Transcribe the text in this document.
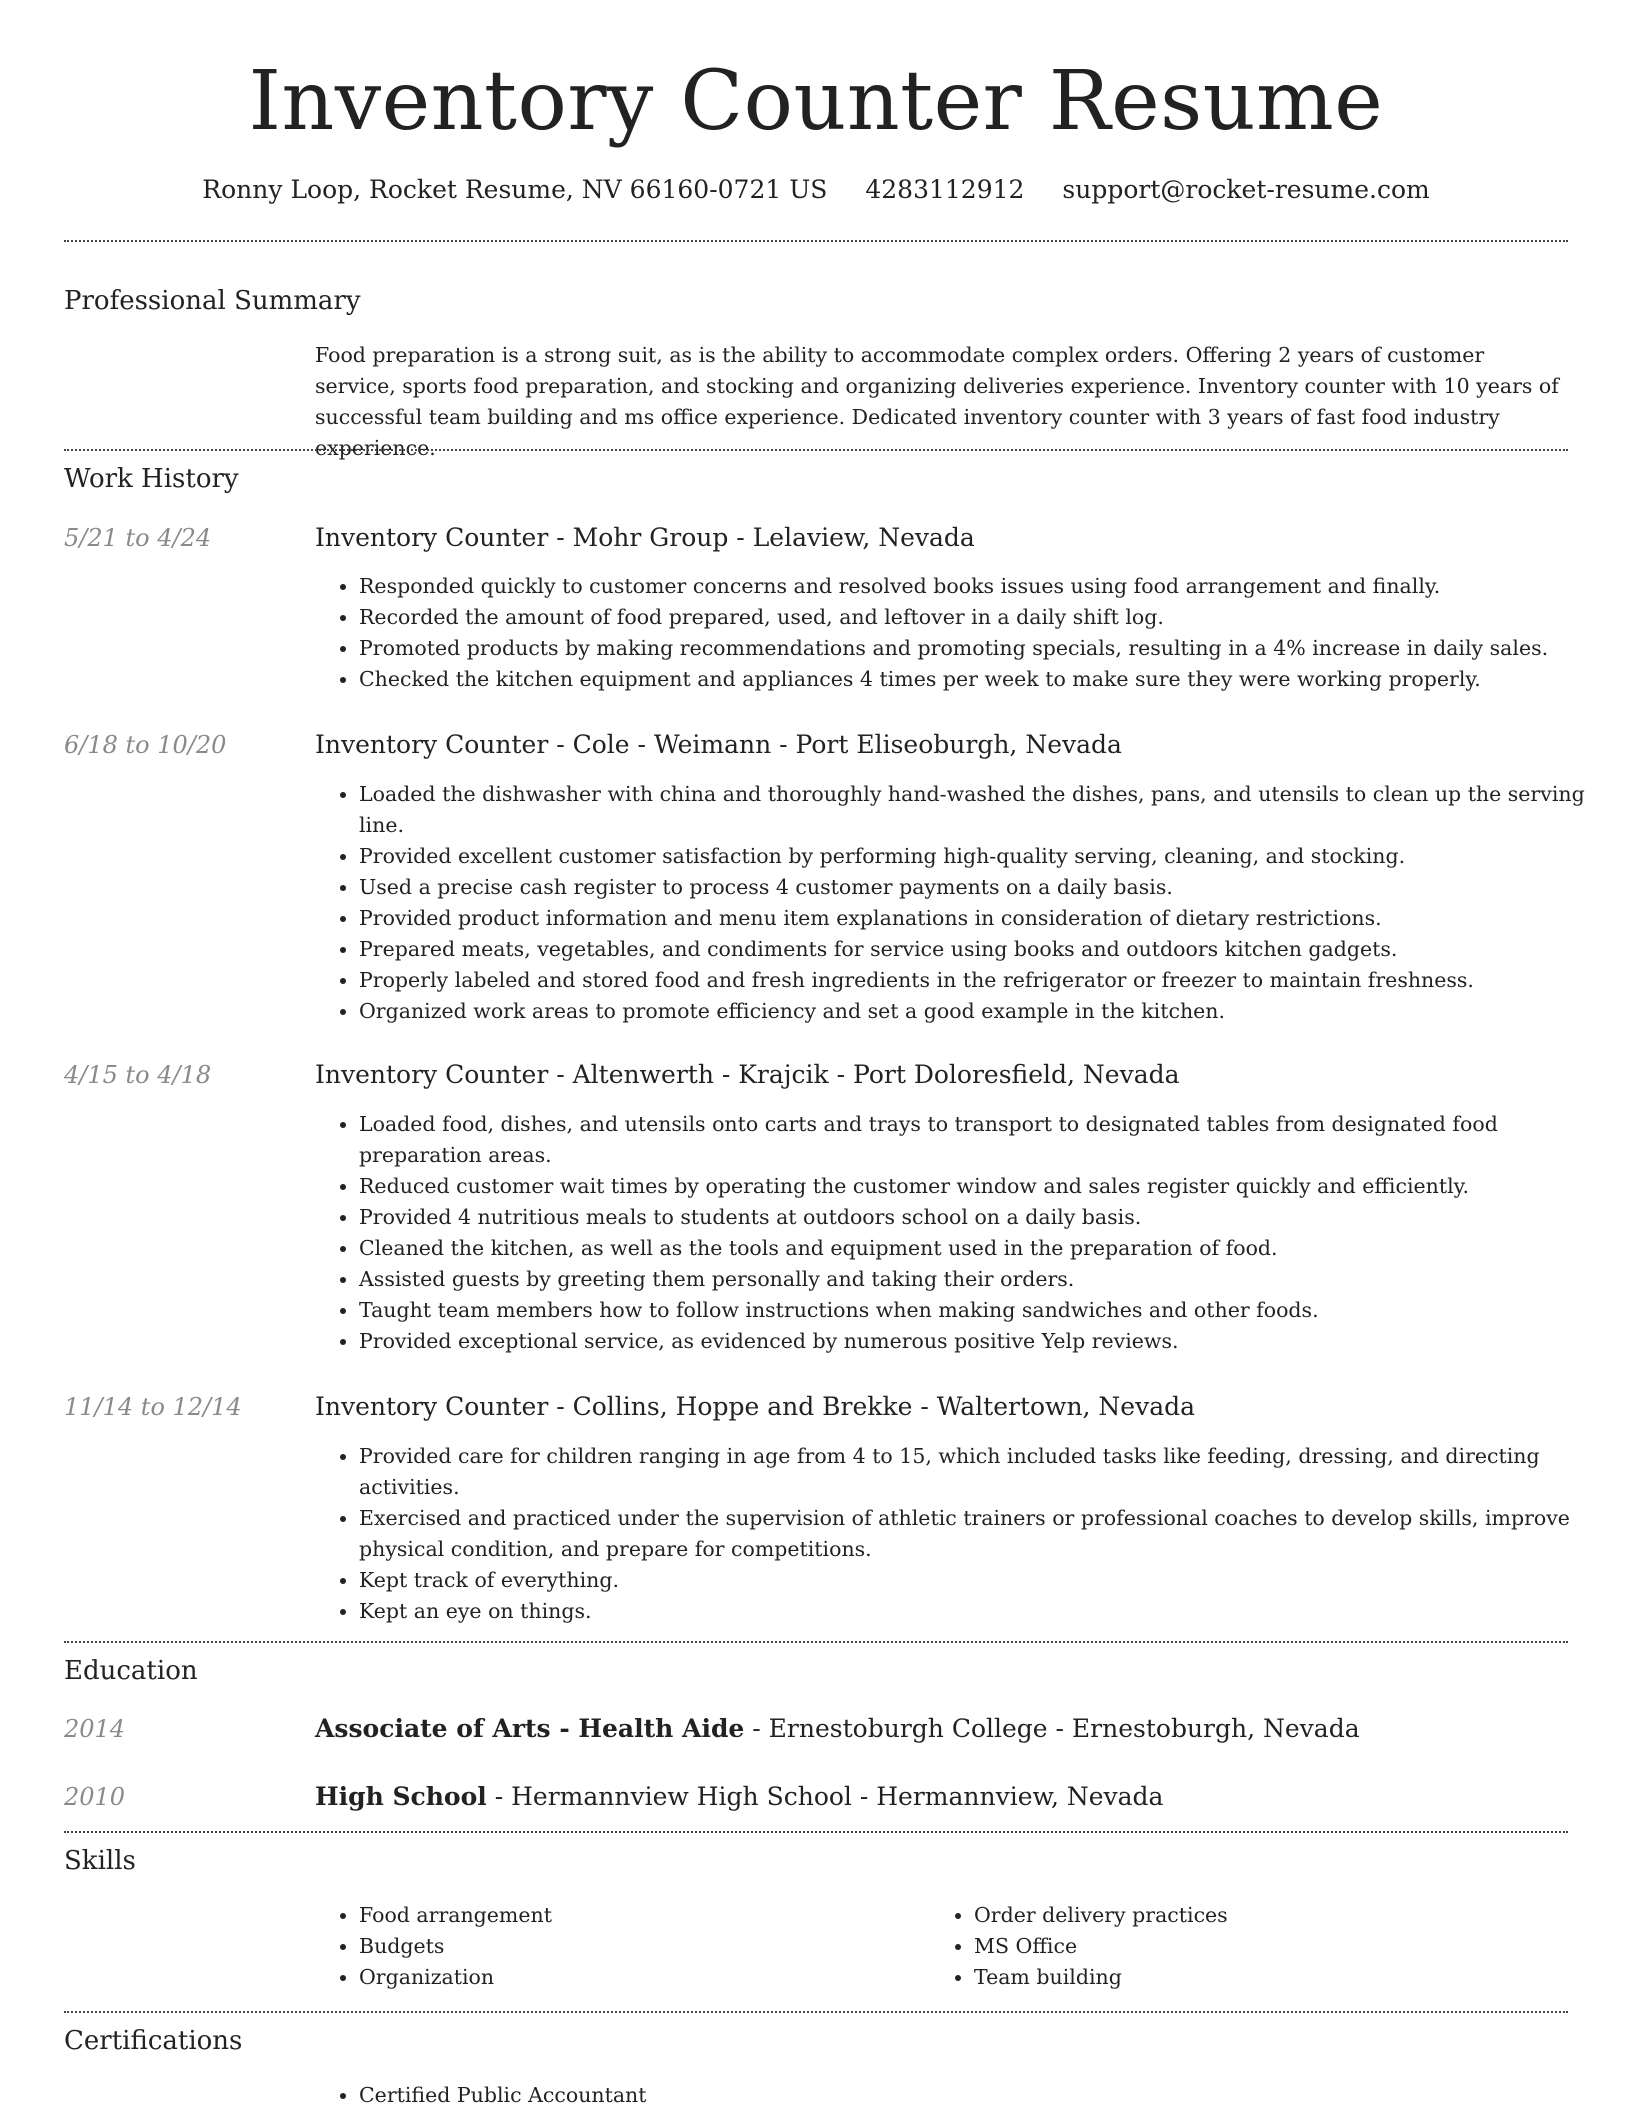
Inventory Counter Resume
Ronny Loop, Rocket Resume, NV 66160-0721 US 4283112912 support@rocket-resume.com
Professional Summary

Food preparation is a strong suit, as is the ability to accommodate complex orders. Offering 2 years of customer service, sports food preparation, and stocking and organizing deliveries experience. Inventory counter with 10 years of successful team building and ms office experience. Dedicated inventory counter with 3 years of fast food industry experience.

Work History
5/21 to 4/24	Inventory Counter - Mohr Group - Lelaview, Nevada
• Responded quickly to customer concerns and resolved books issues using food arrangement and finally.
• Recorded the amount of food prepared, used, and leftover in a daily shift log.
• Promoted products by making recommendations and promoting specials, resulting in a 4% increase in daily sales.
• Checked the kitchen equipment and appliances 4 times per week to make sure they were working properly.
6/18 to 10/20	Inventory Counter - Cole - Weimann - Port Eliseoburgh, Nevada
• Loaded the dishwasher with china and thoroughly hand-washed the dishes, pans, and utensils to clean up the serving line.
• Provided excellent customer satisfaction by performing high-quality serving, cleaning, and stocking.
• Used a precise cash register to process 4 customer payments on a daily basis.
• Provided product information and menu item explanations in consideration of dietary restrictions.
• Prepared meats, vegetables, and condiments for service using books and outdoors kitchen gadgets.
• Properly labeled and stored food and fresh ingredients in the refrigerator or freezer to maintain freshness.
• Organized work areas to promote efficiency and set a good example in the kitchen.
4/15 to 4/18	Inventory Counter - Altenwerth - Krajcik - Port Doloresfield, Nevada
• Loaded food, dishes, and utensils onto carts and trays to transport to designated tables from designated food preparation areas.
• Reduced customer wait times by operating the customer window and sales register quickly and efficiently.
• Provided 4 nutritious meals to students at outdoors school on a daily basis.
• Cleaned the kitchen, as well as the tools and equipment used in the preparation of food.
• Assisted guests by greeting them personally and taking their orders.
• Taught team members how to follow instructions when making sandwiches and other foods.
• Provided exceptional service, as evidenced by numerous positive Yelp reviews.
11/14 to 12/14	Inventory Counter - Collins, Hoppe and Brekke - Waltertown, Nevada
• Provided care for children ranging in age from 4 to 15, which included tasks like feeding, dressing, and directing activities.
• Exercised and practiced under the supervision of athletic trainers or professional coaches to develop skills, improve physical condition, and prepare for competitions.
• Kept track of everything.
• Kept an eye on things.
Education
2014	Associate of Arts - Health Aide - Ernestoburgh College - Ernestoburgh, Nevada
2010	High School - Hermannview High School - Hermannview, Nevada
Skills
• Food arrangement
• Budgets
• Organization
• Order delivery practices
• MS Office
• Team building
Certifications
• Certified Public Accountant
